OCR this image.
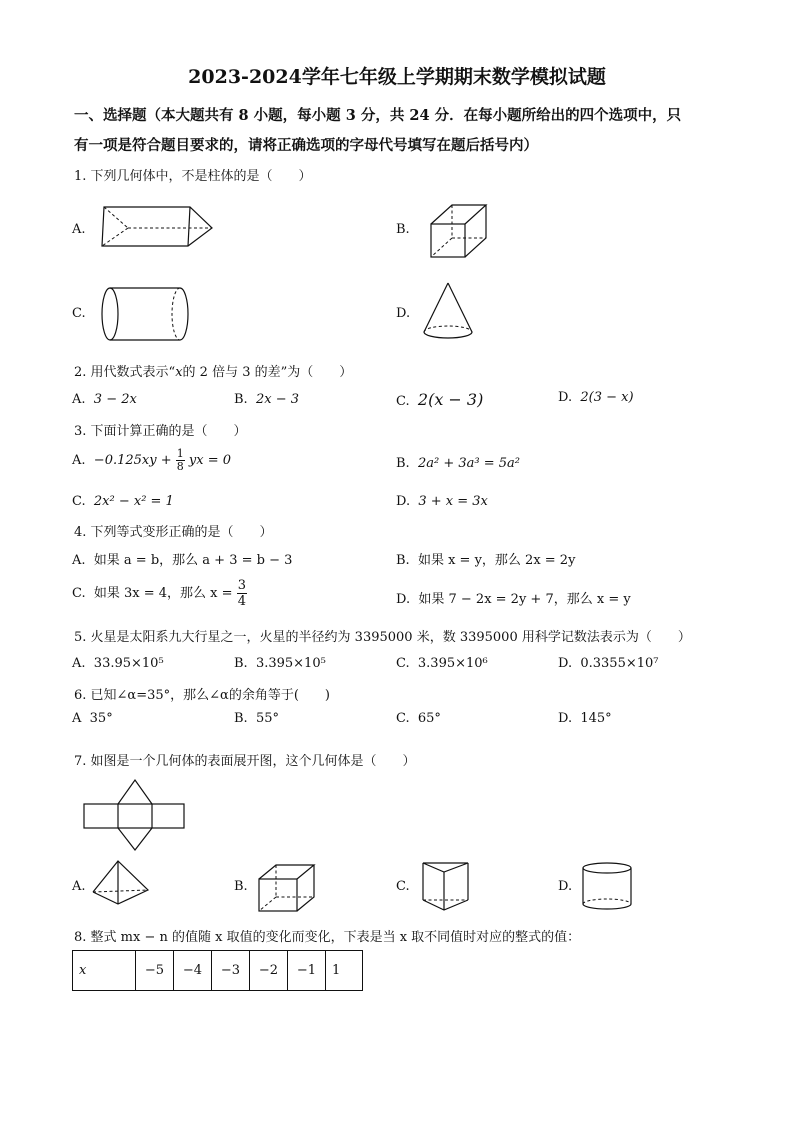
2023-2024学年七年级上学期期末数学模拟试题
一、选择题（本大题共有 8 小题，每小题 3 分，共 24 分．在每小题所给出的四个选项中，只
有一项是符合题目要求的，请将正确选项的字母代号填写在题后括号内）
1. 下列几何体中，不是柱体的是（　　）
A.	B.
C.	D.
2. 用代数式表示“x的 2 倍与 3 的差”为（　　）
A. 3 − 2x	B. 2x − 3	C. 2(x − 3)	D. 2(3 − x)
3. 下面计算正确的是（　　）
A. $-0.125xy + \frac{1}{8}$ yx = 0	B. 2a² + 3a³ = 5a²
C. 2x² − x² = 1	D. 3 + x = 3x
4. 下列等式变形正确的是（　　）
A. 如果 a = b，那么 a + 3 = b − 3	B. 如果 x = y，那么 2x = 2y
C. 如果 3x = 4，那么 $x = \frac{3}{4}$	D. 如果 7 − 2x = 2y + 7，那么 x = y
5. 火星是太阳系九大行星之一，火星的半径约为 3395000 米，数 3395000 用科学记数法表示为（　　）
A. 33.95×10⁵	B. 3.395×10⁵	C. 3.395×10⁶	D. 0.3355×10⁷
6. 已知∠α=35°，那么∠α的余角等于(　　)
A 35°	B. 55°	C. 65°	D. 145°
7. 如图是一个几何体的表面展开图，这个几何体是（　　）
A.	B.	C.	D.
8. 整式 mx − n 的值随 x 取值的变化而变化，下表是当 x 取不同值时对应的整式的值：
x	−5	−4	−3	−2	−1	1
